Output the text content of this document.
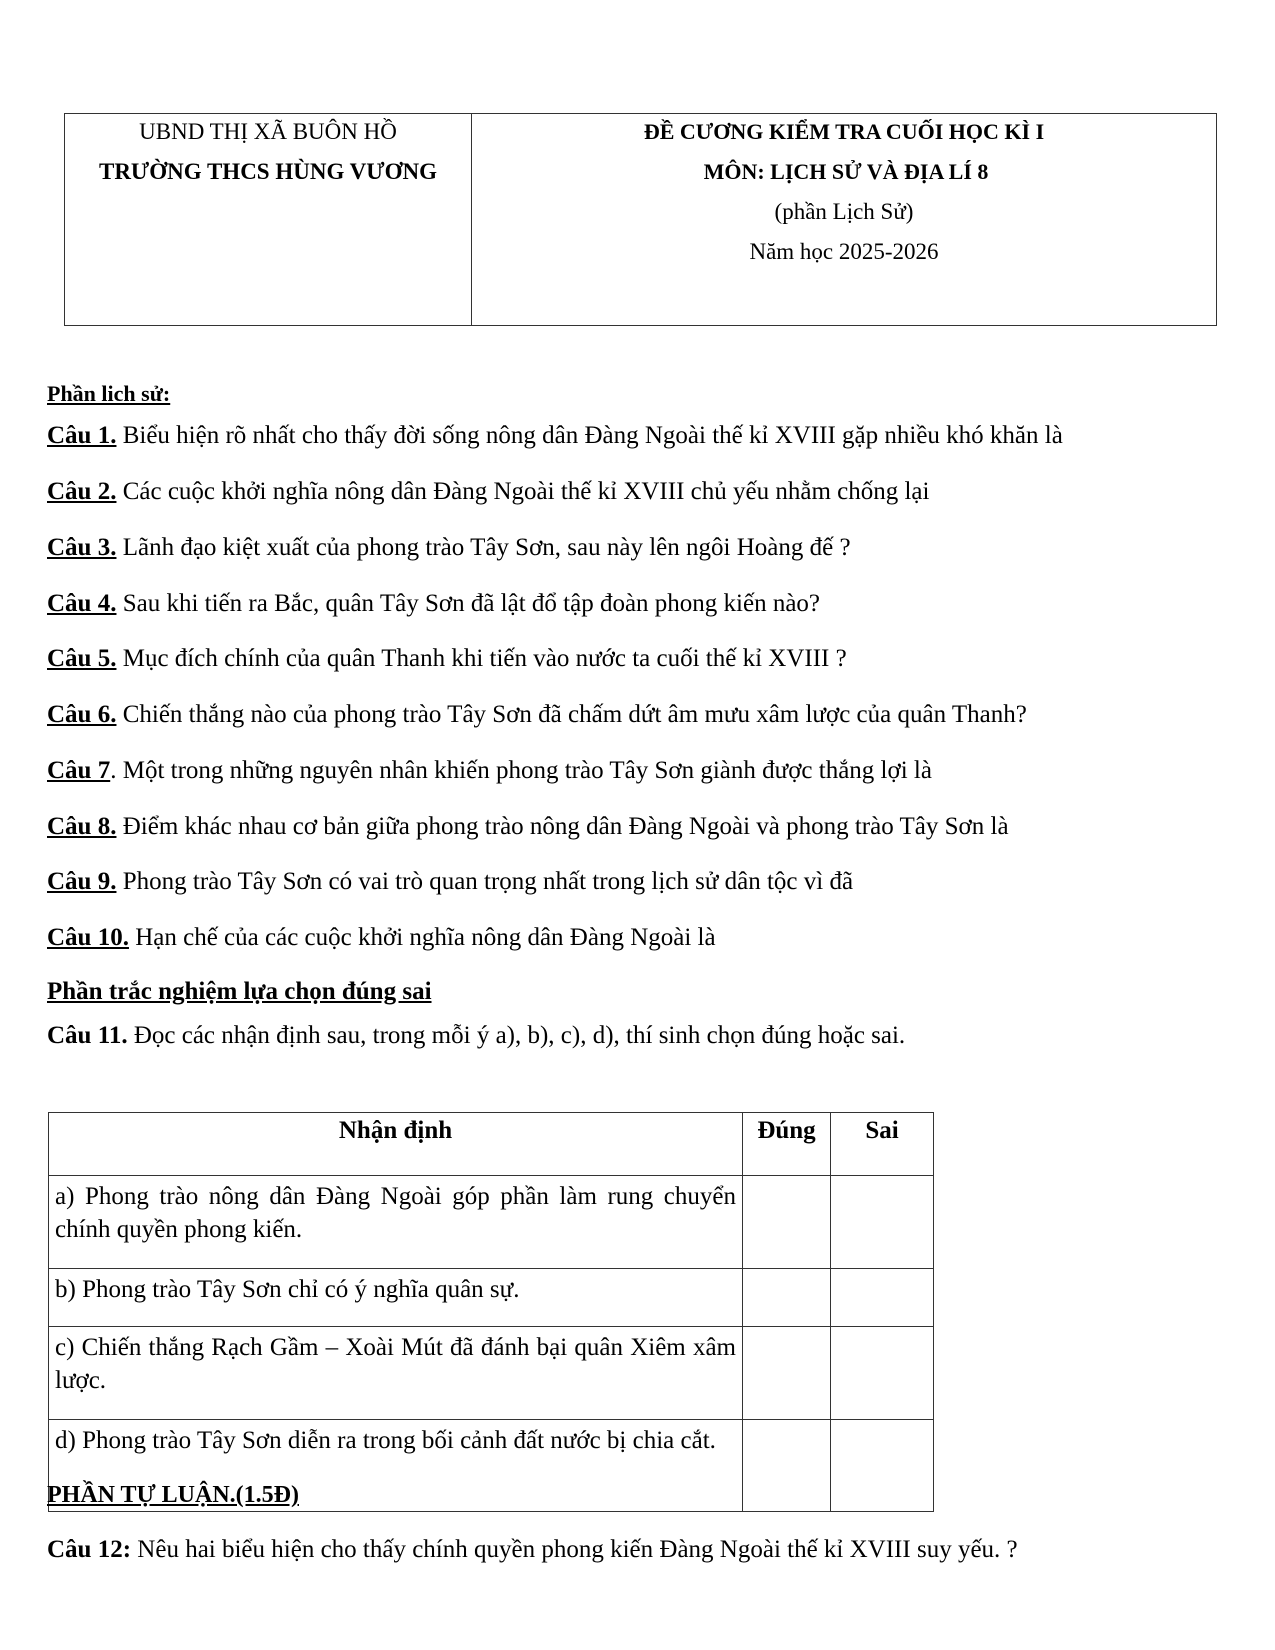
UBND THỊ XÃ BUÔN HỒ
TRƯỜNG THCS HÙNG VƯƠNG

ĐỀ CƯƠNG KIỂM TRA CUỐI HỌC KÌ I
MÔN: LỊCH SỬ VÀ ĐỊA LÍ 8
(phần Lịch Sử)
Năm học 2025-2026
Phần lich sử:
Câu 1. Biểu hiện rõ nhất cho thấy đời sống nông dân Đàng Ngoài thế kỉ XVIII gặp nhiều khó khăn là
Câu 2. Các cuộc khởi nghĩa nông dân Đàng Ngoài thế kỉ XVIII chủ yếu nhằm chống lại
Câu 3. Lãnh đạo kiệt xuất của phong trào Tây Sơn, sau này lên ngôi Hoàng đế ?
Câu 4. Sau khi tiến ra Bắc, quân Tây Sơn đã lật đổ tập đoàn phong kiến nào?
Câu 5. Mục đích chính của quân Thanh khi tiến vào nước ta cuối thế kỉ XVIII ?
Câu 6. Chiến thắng nào của phong trào Tây Sơn đã chấm dứt âm mưu xâm lược của quân Thanh?
Câu 7. Một trong những nguyên nhân khiến phong trào Tây Sơn giành được thắng lợi là
Câu 8. Điểm khác nhau cơ bản giữa phong trào nông dân Đàng Ngoài và phong trào Tây Sơn là
Câu 9. Phong trào Tây Sơn có vai trò quan trọng nhất trong lịch sử dân tộc vì đã
Câu 10. Hạn chế của các cuộc khởi nghĩa nông dân Đàng Ngoài là
Phần trắc nghiệm lựa chọn đúng sai
Câu 11. Đọc các nhận định sau, trong mỗi ý a), b), c), d), thí sinh chọn đúng hoặc sai.
Nhận định	Đúng	Sai
a) Phong trào nông dân Đàng Ngoài góp phần làm rung chuyển chính quyền phong kiến.		
b) Phong trào Tây Sơn chỉ có ý nghĩa quân sự.		
c) Chiến thắng Rạch Gầm – Xoài Mút đã đánh bại quân Xiêm xâm lược.		
d) Phong trào Tây Sơn diễn ra trong bối cảnh đất nước bị chia cắt.		
PHẦN TỰ LUẬN.(1.5Đ)
Câu 12: Nêu hai biểu hiện cho thấy chính quyền phong kiến Đàng Ngoài thế kỉ XVIII suy yếu. ?
